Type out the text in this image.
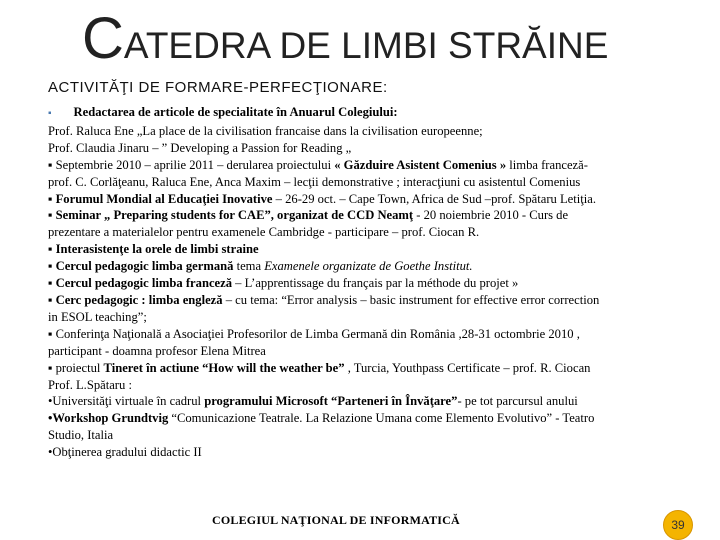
CATEDRA DE LIMBI STRĂINE
ACTIVITĂŢI DE FORMARE-PERFECŢIONARE:

▪ Redactarea de articole de specialitate în Anuarul Colegiului:

Prof. Raluca Ene „La place de la civilisation francaise dans la civilisation europeenne;

Prof. Claudia Jinaru – ” Developing a Passion for Reading „

▪ Septembrie 2010 – aprilie 2011 – derularea proiectului « Găzduire Asistent Comenius » limba franceză-

prof. C. Corlăţeanu, Raluca Ene, Anca Maxim – lecţii demonstrative ; interacţiuni cu asistentul Comenius

▪ Forumul Mondial al Educaţiei Inovative – 26-29 oct. – Cape Town, Africa de Sud –prof. Spătaru Letiţia.

▪ Seminar „ Preparing students for CAE”, organizat de CCD Neamţ - 20 noiembrie 2010 - Curs de

prezentare a materialelor pentru examenele Cambridge - participare – prof. Ciocan R.

▪ Interasistenţe la orele de limbi straine

▪ Cercul pedagogic limba germană tema Examenele organizate de Goethe Institut.

▪ Cercul pedagogic limba franceză – L’apprentissage du français par la méthode du projet »

▪ Cerc pedagogic : limba engleză – cu tema: “Error analysis – basic instrument for effective error correction

in ESOL teaching”;

▪ Conferinţa Naţională a Asociaţiei Profesorilor de Limba Germană din România ,28-31 octombrie 2010 ,

participant - doamna profesor Elena Mitrea

▪ proiectul Tineret în actiune “How will the weather be” , Turcia, Youthpass Certificate – prof. R. Ciocan

Prof. L.Spătaru :

•Universităţi virtuale în cadrul programului Microsoft “Parteneri în Învăţare”- pe tot parcursul anului

•Workshop Grundtvig “Comunicazione Teatrale. La Relazione Umana come Elemento Evolutivo” - Teatro

Studio, Italia

•Obţinerea gradului didactic II

COLEGIUL NAŢIONAL DE INFORMATICĂ	39
